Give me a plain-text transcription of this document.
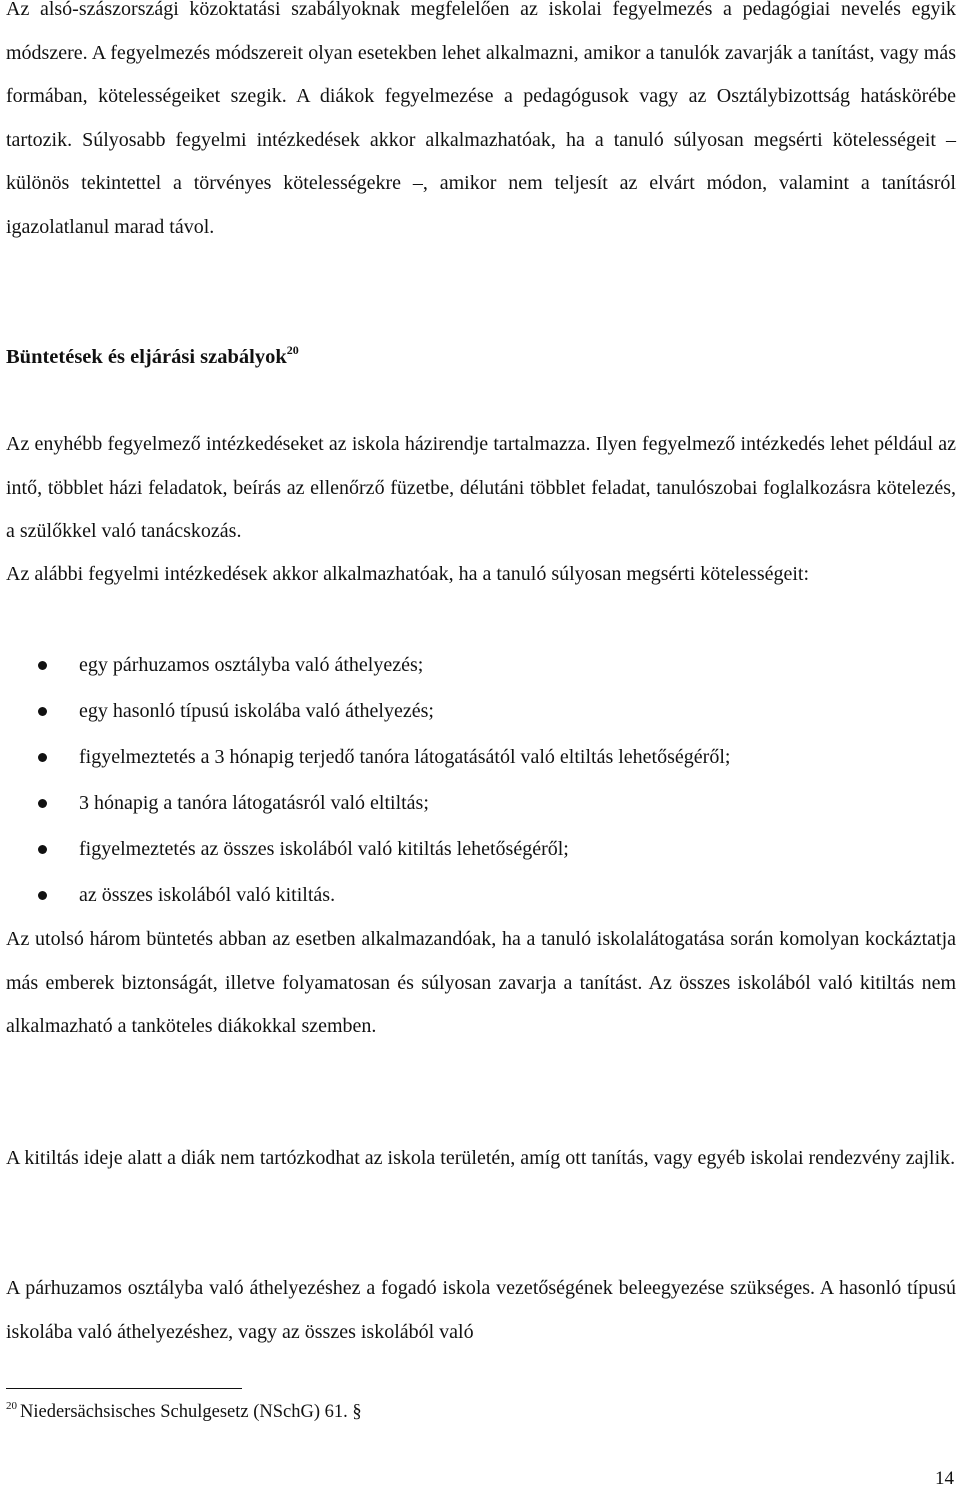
Az alsó-szászországi közoktatási szabályoknak megfelelően az iskolai fegyelmezés a pedagógiai nevelés egyik módszere. A fegyelmezés módszereit olyan esetekben lehet alkalmazni, amikor a tanulók zavarják a tanítást, vagy más formában, kötelességeiket szegik. A diákok fegyelmezése a pedagógusok vagy az Osztálybizottság hatáskörébe tartozik. Súlyosabb fegyelmi intézkedések akkor alkalmazhatóak, ha a tanuló súlyosan megsérti kötelességeit – különös tekintettel a törvényes kötelességekre –, amikor nem teljesít az elvárt módon, valamint a tanításról igazolatlanul marad távol.

Büntetések és eljárási szabályok$^{20}$

Az enyhébb fegyelmező intézkedéseket az iskola házirendje tartalmazza. Ilyen fegyelmező intézkedés lehet például az intő, többlet házi feladatok, beírás az ellenőrző füzetbe, délutáni többlet feladat, tanulószobai foglalkozásra kötelezés, a szülőkkel való tanácskozás.

Az alábbi fegyelmi intézkedések akkor alkalmazhatóak, ha a tanuló súlyosan megsérti kötelességeit:

egy párhuzamos osztályba való áthelyezés;
egy hasonló típusú iskolába való áthelyezés;
figyelmeztetés a 3 hónapig terjedő tanóra látogatásától való eltiltás lehetőségéről;
3 hónapig a tanóra látogatásról való eltiltás;
figyelmeztetés az összes iskolából való kitiltás lehetőségéről;
az összes iskolából való kitiltás.

Az utolsó három büntetés abban az esetben alkalmazandóak, ha a tanuló iskolalátogatása során komolyan kockáztatja más emberek biztonságát, illetve folyamatosan és súlyosan zavarja a tanítást. Az összes iskolából való kitiltás nem alkalmazható a tanköteles diákokkal szemben.

A kitiltás ideje alatt a diák nem tartózkodhat az iskola területén, amíg ott tanítás, vagy egyéb iskolai rendezvény zajlik.

A párhuzamos osztályba való áthelyezéshez a fogadó iskola vezetőségének beleegyezése szükséges. A hasonló típusú iskolába való áthelyezéshez, vagy az összes iskolából való

$^{20}$ Niedersächsisches Schulgesetz (NSchG) 61. §
14
